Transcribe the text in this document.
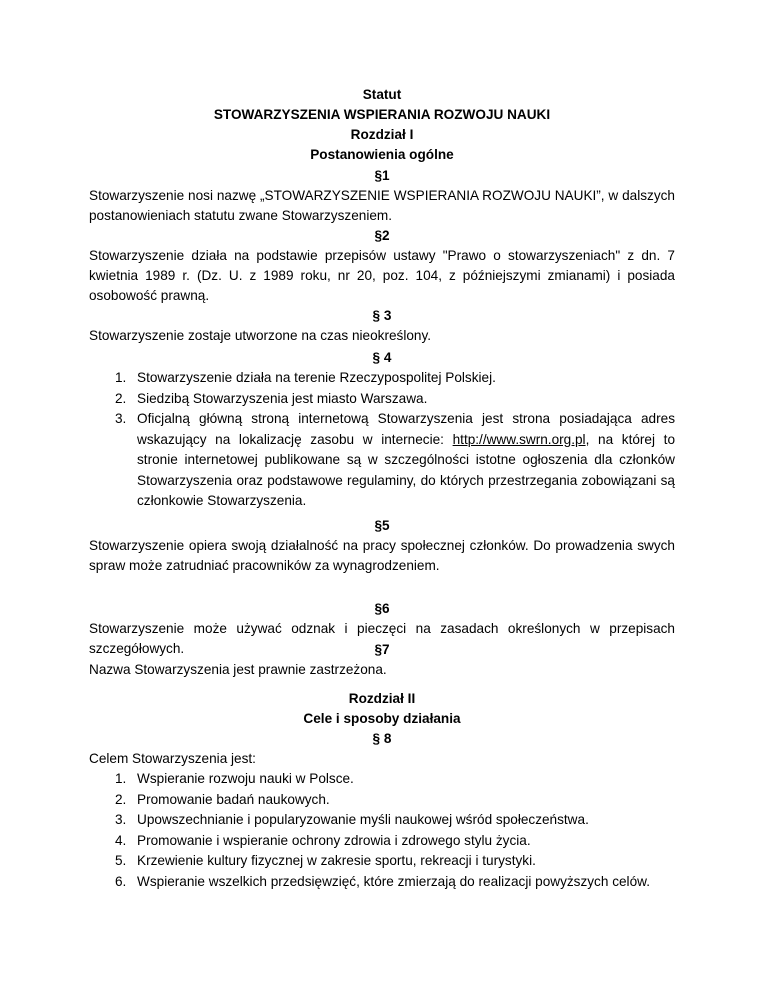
Statut
STOWARZYSZENIA WSPIERANIA ROZWOJU NAUKI
Rozdział I
Postanowienia ogólne
§1
Stowarzyszenie nosi nazwę „STOWARZYSZENIE WSPIERANIA ROZWOJU NAUKI”, w dalszych postanowieniach statutu zwane Stowarzyszeniem.
§2
Stowarzyszenie działa na podstawie przepisów ustawy "Prawo o stowarzyszeniach" z dn. 7 kwietnia 1989 r. (Dz. U. z 1989 roku, nr 20, poz. 104, z późniejszymi zmianami) i posiada osobowość prawną.
§ 3
Stowarzyszenie zostaje utworzone na czas nieokreślony.
§ 4
1. Stowarzyszenie działa na terenie Rzeczypospolitej Polskiej.
2. Siedzibą Stowarzyszenia jest miasto Warszawa.
3. Oficjalną główną stroną internetową Stowarzyszenia jest strona posiadająca adres wskazujący na lokalizację zasobu w internecie: http://www.swrn.org.pl, na której to stronie internetowej publikowane są w szczególności istotne ogłoszenia dla członków Stowarzyszenia oraz podstawowe regulaminy, do których przestrzegania zobowiązani są członkowie Stowarzyszenia.
§5
Stowarzyszenie opiera swoją działalność na pracy społecznej członków. Do prowadzenia swych spraw może zatrudniać pracowników za wynagrodzeniem.
§6
Stowarzyszenie może używać odznak i pieczęci na zasadach określonych w przepisach szczegółowych.	§7
Nazwa Stowarzyszenia jest prawnie zastrzeżona.
Rozdział II
Cele i sposoby działania
§ 8
Celem Stowarzyszenia jest:
1. Wspieranie rozwoju nauki w Polsce.
2. Promowanie badań naukowych.
3. Upowszechnianie i popularyzowanie myśli naukowej wśród społeczeństwa.
4. Promowanie i wspieranie ochrony zdrowia i zdrowego stylu życia.
5. Krzewienie kultury fizycznej w zakresie sportu, rekreacji i turystyki.
6. Wspieranie wszelkich przedsięwzięć, które zmierzają do realizacji powyższych celów.
